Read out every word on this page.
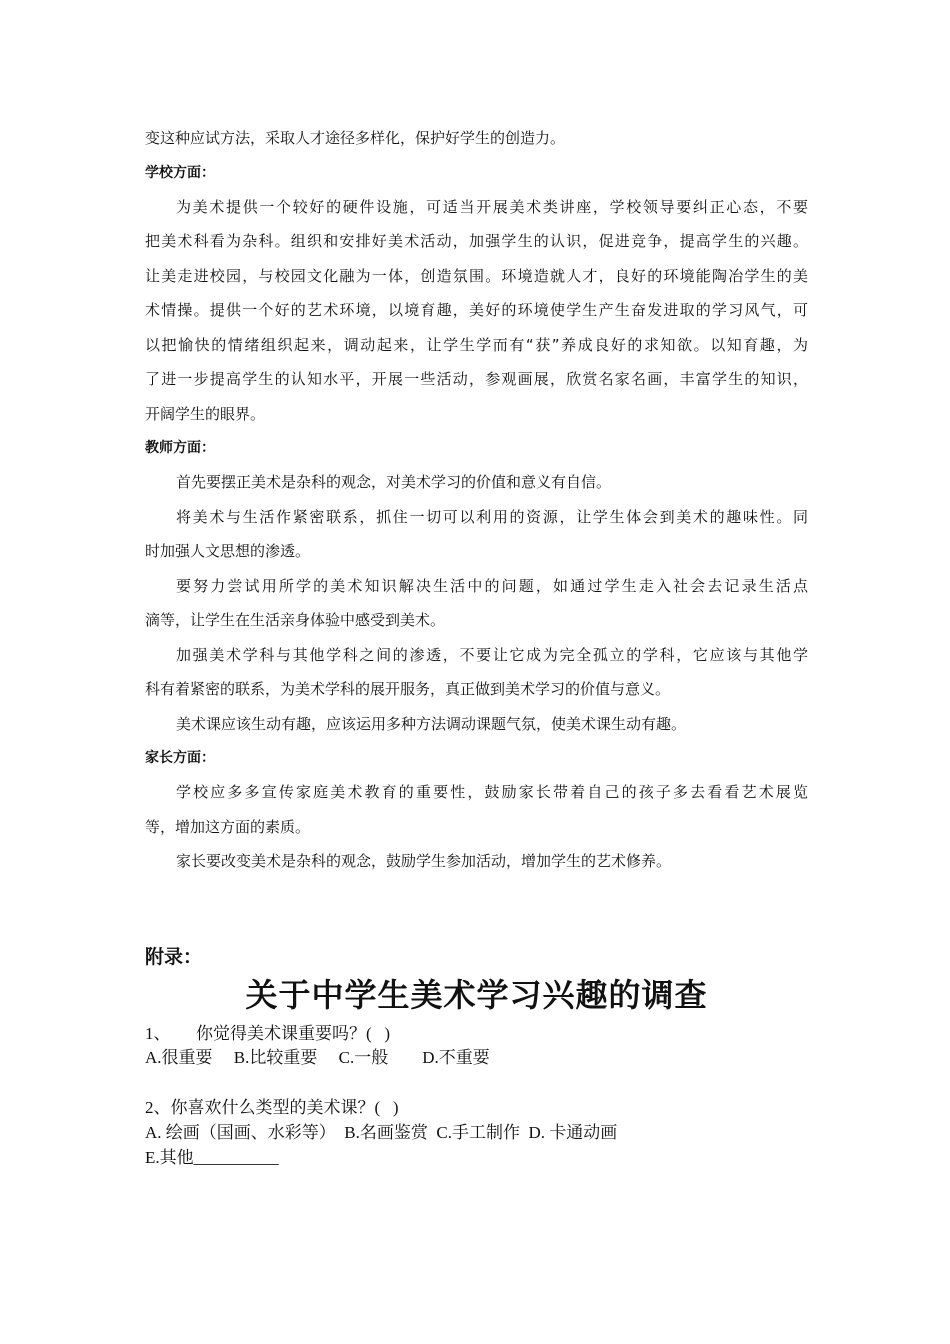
变这种应试方法，采取人才途径多样化，保护好学生的创造力。
学校方面：
为美术提供一个较好的硬件设施，可适当开展美术类讲座，学校领导要纠正心态，不要
把美术科看为杂科。组织和安排好美术活动，加强学生的认识，促进竞争，提高学生的兴趣。
让美走进校园，与校园文化融为一体，创造氛围。环境造就人才，良好的环境能陶冶学生的美
术情操。提供一个好的艺术环境，以境育趣，美好的环境使学生产生奋发进取的学习风气，可
以把愉快的情绪组织起来，调动起来，让学生学而有“获”养成良好的求知欲。以知育趣，为
了进一步提高学生的认知水平，开展一些活动，参观画展，欣赏名家名画，丰富学生的知识，
开阔学生的眼界。
教师方面：
首先要摆正美术是杂科的观念，对美术学习的价值和意义有自信。
将美术与生活作紧密联系，抓住一切可以利用的资源，让学生体会到美术的趣味性。同
时加强人文思想的渗透。
要努力尝试用所学的美术知识解决生活中的问题，如通过学生走入社会去记录生活点
滴等，让学生在生活亲身体验中感受到美术。
加强美术学科与其他学科之间的渗透，不要让它成为完全孤立的学科，它应该与其他学
科有着紧密的联系，为美术学科的展开服务，真正做到美术学习的价值与意义。
美术课应该生动有趣，应该运用多种方法调动课题气氛，使美术课生动有趣。
家长方面：
学校应多多宣传家庭美术教育的重要性，鼓励家长带着自己的孩子多去看看艺术展览
等，增加这方面的素质。
家长要改变美术是杂科的观念，鼓励学生参加活动，增加学生的艺术修养。
附录：
关于中学生美术学习兴趣的调查
1、      你觉得美术课重要吗？(   )
A.很重要     B.比较重要     C.一般        D.不重要
2、你喜欢什么类型的美术课？(   )
A. 绘画（国画、水彩等）  B.名画鉴赏  C.手工制作  D. 卡通动画
E.其他__________
